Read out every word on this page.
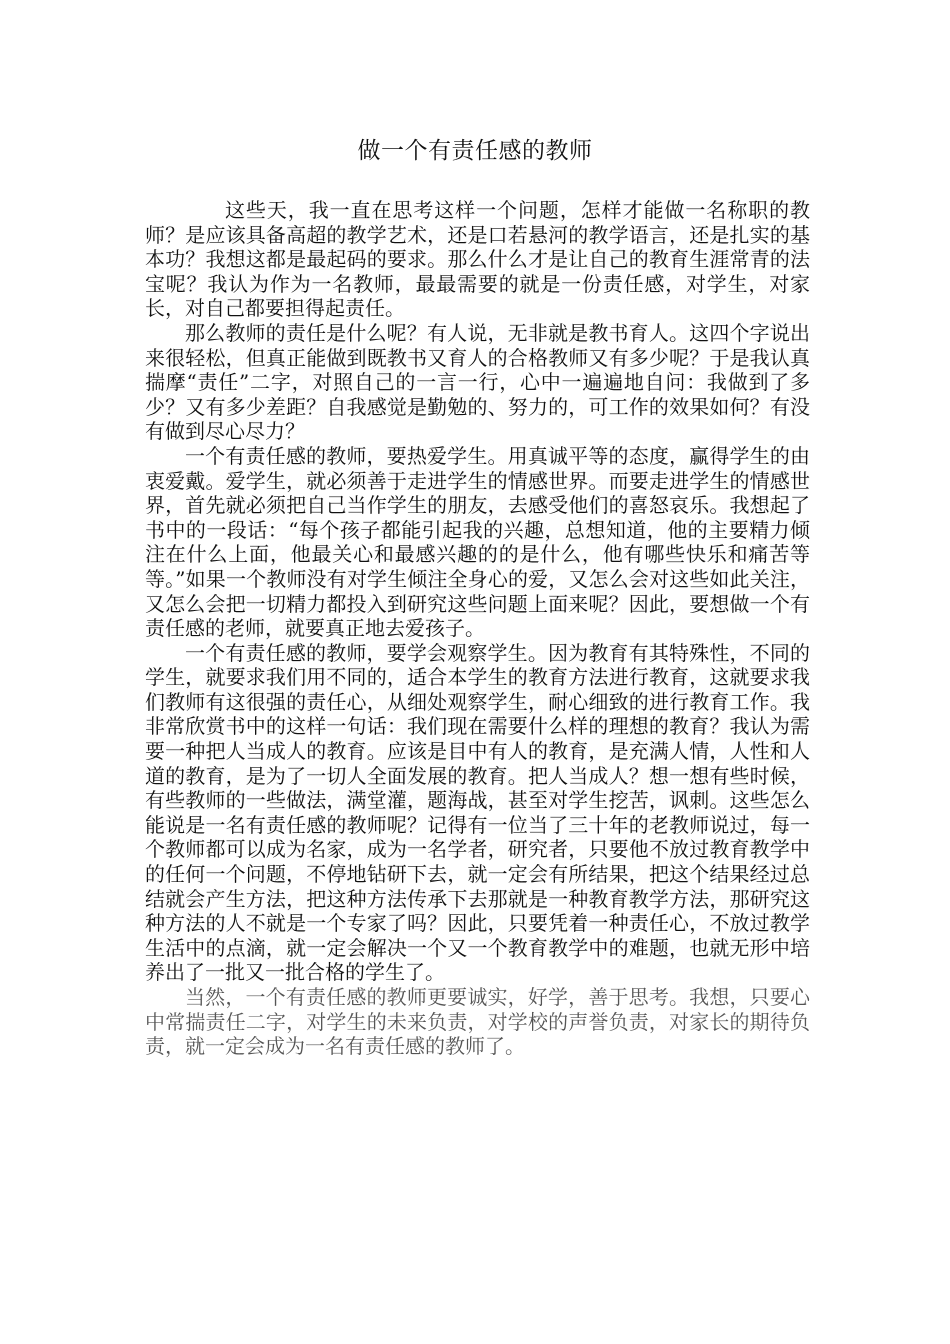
做一个有责任感的教师

这些天，我一直在思考这样一个问题，怎样才能做一名称职的教师？是应该具备高超的教学艺术，还是口若悬河的教学语言，还是扎实的基本功？我想这都是最起码的要求。那么什么才是让自己的教育生涯常青的法宝呢？我认为作为一名教师，最最需要的就是一份责任感，对学生，对家长，对自己都要担得起责任。

那么教师的责任是什么呢？有人说，无非就是教书育人。这四个字说出来很轻松，但真正能做到既教书又育人的合格教师又有多少呢？于是我认真揣摩“责任”二字，对照自己的一言一行，心中一遍遍地自问：我做到了多少？又有多少差距？自我感觉是勤勉的、努力的，可工作的效果如何？有没有做到尽心尽力？

一个有责任感的教师，要热爱学生。用真诚平等的态度，赢得学生的由衷爱戴。爱学生，就必须善于走进学生的情感世界。而要走进学生的情感世界，首先就必须把自己当作学生的朋友，去感受他们的喜怒哀乐。我想起了书中的一段话：“每个孩子都能引起我的兴趣，总想知道，他的主要精力倾注在什么上面，他最关心和最感兴趣的的是什么，他有哪些快乐和痛苦等等。”如果一个教师没有对学生倾注全身心的爱，又怎么会对这些如此关注，又怎么会把一切精力都投入到研究这些问题上面来呢？因此，要想做一个有责任感的老师，就要真正地去爱孩子。

一个有责任感的教师，要学会观察学生。因为教育有其特殊性，不同的学生，就要求我们用不同的，适合本学生的教育方法进行教育，这就要求我们教师有这很强的责任心，从细处观察学生，耐心细致的进行教育工作。我非常欣赏书中的这样一句话：我们现在需要什么样的理想的教育？我认为需要一种把人当成人的教育。应该是目中有人的教育，是充满人情，人性和人道的教育，是为了一切人全面发展的教育。把人当成人？想一想有些时候，有些教师的一些做法，满堂灌，题海战，甚至对学生挖苦，讽刺。这些怎么能说是一名有责任感的教师呢？记得有一位当了三十年的老教师说过，每一个教师都可以成为名家，成为一名学者，研究者，只要他不放过教育教学中的任何一个问题，不停地钻研下去，就一定会有所结果，把这个结果经过总结就会产生方法，把这种方法传承下去那就是一种教育教学方法，那研究这种方法的人不就是一个专家了吗？因此，只要凭着一种责任心，不放过教学生活中的点滴，就一定会解决一个又一个教育教学中的难题，也就无形中培养出了一批又一批合格的学生了。

当然，一个有责任感的教师更要诚实，好学，善于思考。我想，只要心中常揣责任二字，对学生的未来负责，对学校的声誉负责，对家长的期待负责，就一定会成为一名有责任感的教师了。
